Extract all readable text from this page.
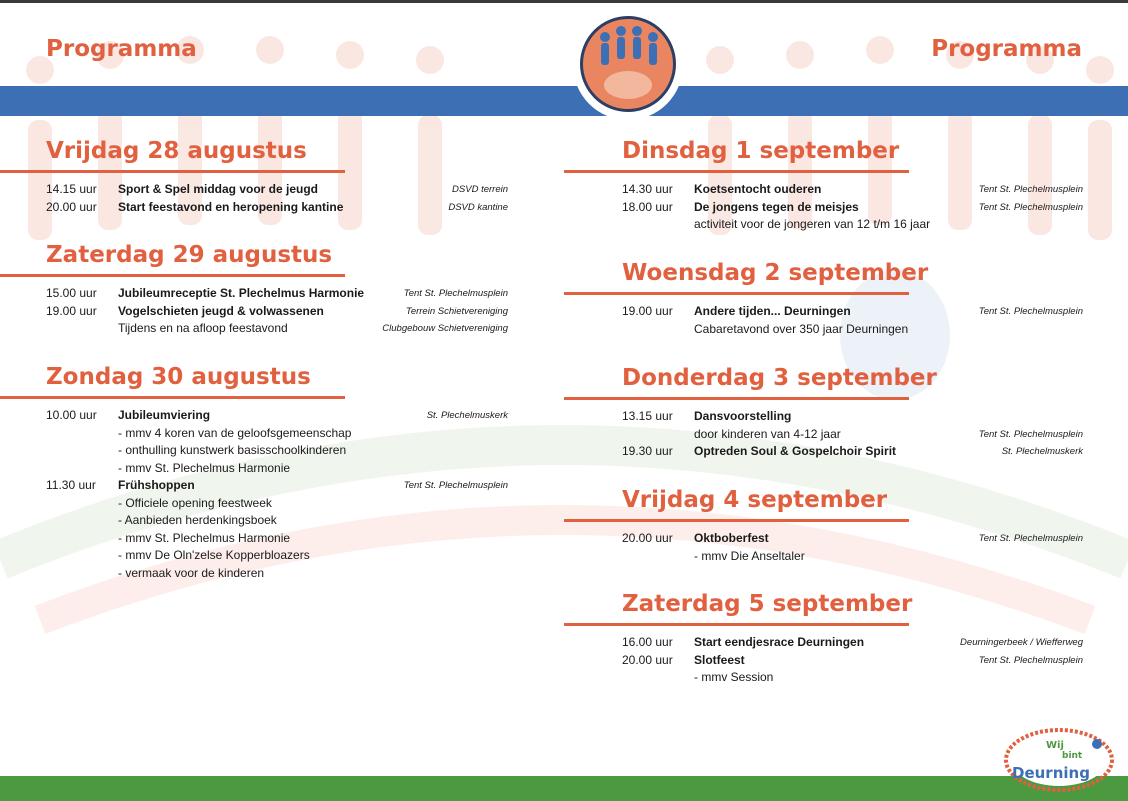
Programma	Programma
Vrijdag 28 augustus
14.15 uur	Sport & Spel middag voor de jeugd	DSVD terrein
20.00 uur	Start feestavond en heropening kantine	DSVD kantine
Zaterdag 29 augustus
15.00 uur	Jubileumreceptie St. Plechelmus Harmonie	Tent St. Plechelmusplein
19.00 uur	Vogelschieten jeugd & volwassenen	Terrein Schietvereniging
Tijdens en na afloop feestavond	Clubgebouw Schietvereniging
Zondag 30 augustus
10.00 uur	Jubileumviering	St. Plechelmuskerk
- mmv 4 koren van de geloofsgemeenschap
- onthulling kunstwerk basisschoolkinderen
- mmv St. Plechelmus Harmonie
11.30 uur	Frühshoppen	Tent St. Plechelmusplein
- Officiele opening feestweek
- Aanbieden herdenkingsboek
- mmv St. Plechelmus Harmonie
- mmv De Oln'zelse Kopperbloazers
- vermaak voor de kinderen
Dinsdag 1 september
14.30 uur	Koetsentocht ouderen	Tent St. Plechelmusplein
18.00 uur	De jongens tegen de meisjes	Tent St. Plechelmusplein
activiteit voor de jongeren van 12 t/m 16 jaar
Woensdag 2 september
19.00 uur	Andere tijden... Deurningen	Tent St. Plechelmusplein
Cabaretavond over 350 jaar Deurningen
Donderdag 3 september
13.15 uur	Dansvoorstelling
door kinderen van 4-12 jaar	Tent St. Plechelmusplein
19.30 uur	Optreden Soul & Gospelchoir Spirit	St. Plechelmuskerk
Vrijdag 4 september
20.00 uur	Oktboberfest	Tent St. Plechelmusplein
- mmv Die Anseltaler
Zaterdag 5 september
16.00 uur	Start eendjesrace Deurningen	Deurningerbeek / Wiefferweg
20.00 uur	Slotfeest	Tent St. Plechelmusplein
- mmv Session
Wij
bint
Deurning
